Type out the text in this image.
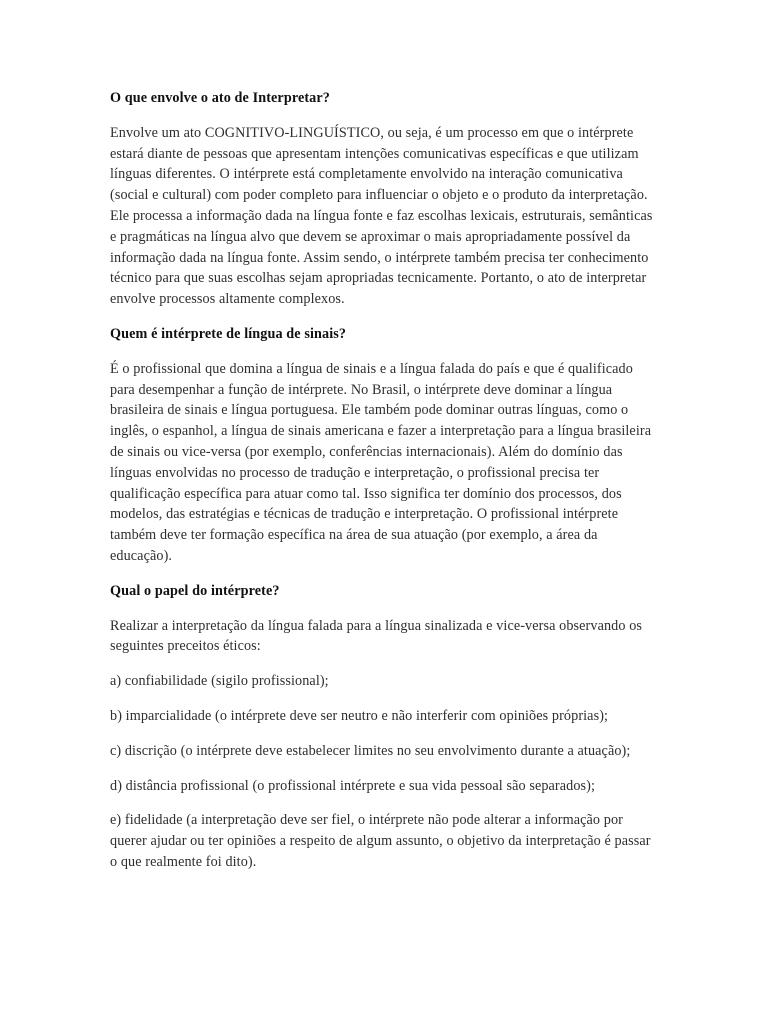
O que envolve o ato de Interpretar?

Envolve um ato COGNITIVO-LINGUÍSTICO, ou seja, é um processo em que o intérprete estará diante de pessoas que apresentam intenções comunicativas específicas e que utilizam línguas diferentes. O intérprete está completamente envolvido na interação comunicativa (social e cultural) com poder completo para influenciar o objeto e o produto da interpretação. Ele processa a informação dada na língua fonte e faz escolhas lexicais, estruturais, semânticas e pragmáticas na língua alvo que devem se aproximar o mais apropriadamente possível da informação dada na língua fonte. Assim sendo, o intérprete também precisa ter conhecimento técnico para que suas escolhas sejam apropriadas tecnicamente. Portanto, o ato de interpretar envolve processos altamente complexos.

Quem é intérprete de língua de sinais?

É o profissional que domina a língua de sinais e a língua falada do país e que é qualificado para desempenhar a função de intérprete. No Brasil, o intérprete deve dominar a língua brasileira de sinais e língua portuguesa. Ele também pode dominar outras línguas, como o inglês, o espanhol, a língua de sinais americana e fazer a interpretação para a língua brasileira de sinais ou vice-versa (por exemplo, conferências internacionais). Além do domínio das línguas envolvidas no processo de tradução e interpretação, o profissional precisa ter qualificação específica para atuar como tal. Isso significa ter domínio dos processos, dos modelos, das estratégias e técnicas de tradução e interpretação. O profissional intérprete também deve ter formação específica na área de sua atuação (por exemplo, a área da educação).

Qual o papel do intérprete?

Realizar a interpretação da língua falada para a língua sinalizada e vice-versa observando os seguintes preceitos éticos:

a) confiabilidade (sigilo profissional);

b) imparcialidade (o intérprete deve ser neutro e não interferir com opiniões próprias);

c) discrição (o intérprete deve estabelecer limites no seu envolvimento durante a atuação);

d) distância profissional (o profissional intérprete e sua vida pessoal são separados);

e) fidelidade (a interpretação deve ser fiel, o intérprete não pode alterar a informação por querer ajudar ou ter opiniões a respeito de algum assunto, o objetivo da interpretação é passar o que realmente foi dito).
